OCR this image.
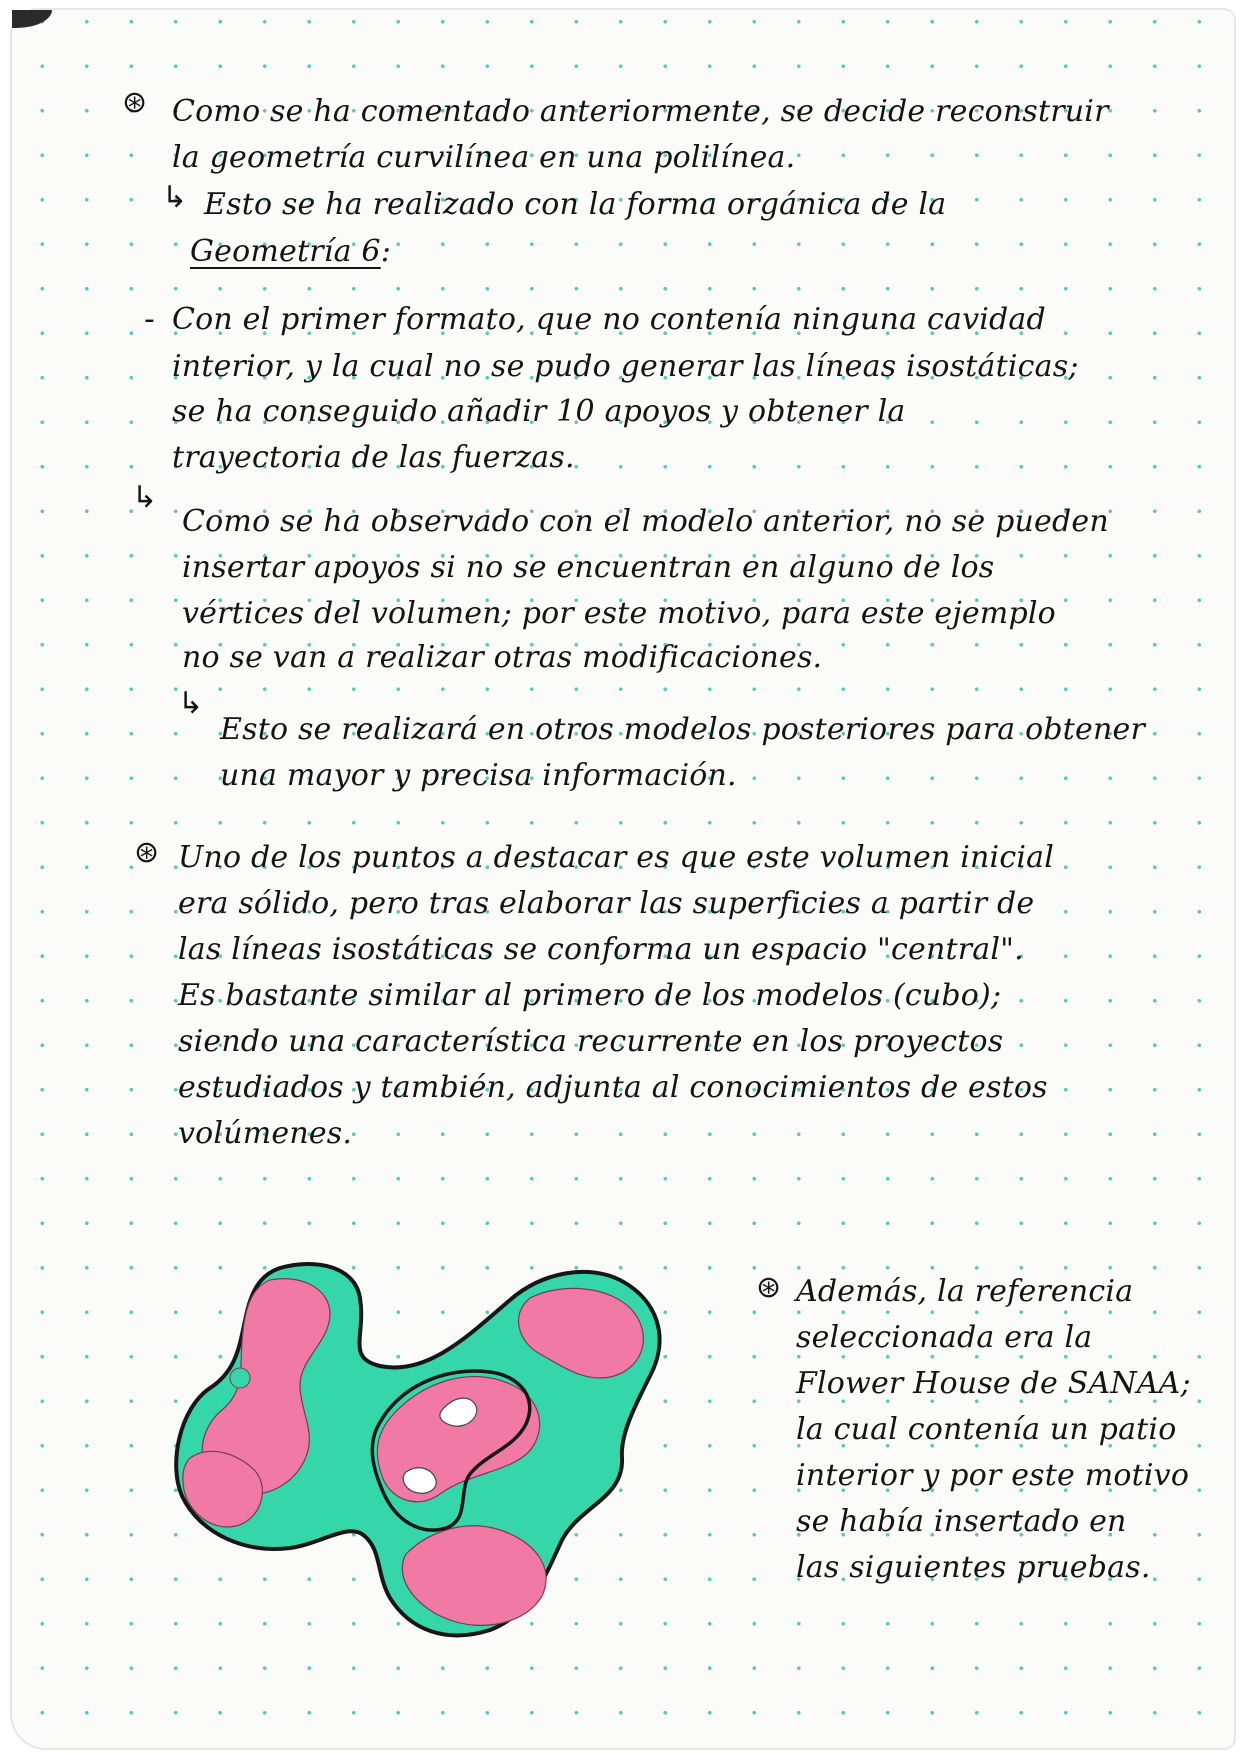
⊛ Como se ha comentado anteriormente, se decide reconstruir

la geometría curvilínea en una polilínea.

↳ Esto se ha realizado con la forma orgánica de la

Geometría 6:

- Con el primer formato, que no contenía ninguna cavidad

interior, y la cual no se pudo generar las líneas isostáticas;

se ha conseguido añadir 10 apoyos y obtener la

trayectoria de las fuerzas.

↳

Como se ha observado con el modelo anterior, no se pueden

insertar apoyos si no se encuentran en alguno de los

vértices del volumen; por este motivo, para este ejemplo

no se van a realizar otras modificaciones.

↳

Esto se realizará en otros modelos posteriores para obtener

una mayor y precisa información.

⊛ Uno de los puntos a destacar es que este volumen inicial

era sólido, pero tras elaborar las superficies a partir de

las líneas isostáticas se conforma un espacio "central".

Es bastante similar al primero de los modelos (cubo);

siendo una característica recurrente en los proyectos

estudiados y también, adjunta al conocimientos de estos

volúmenes.

⊛ Además, la referencia

seleccionada era la

Flower House de SANAA;

la cual contenía un patio

interior y por este motivo

se había insertado en

las siguientes pruebas.
